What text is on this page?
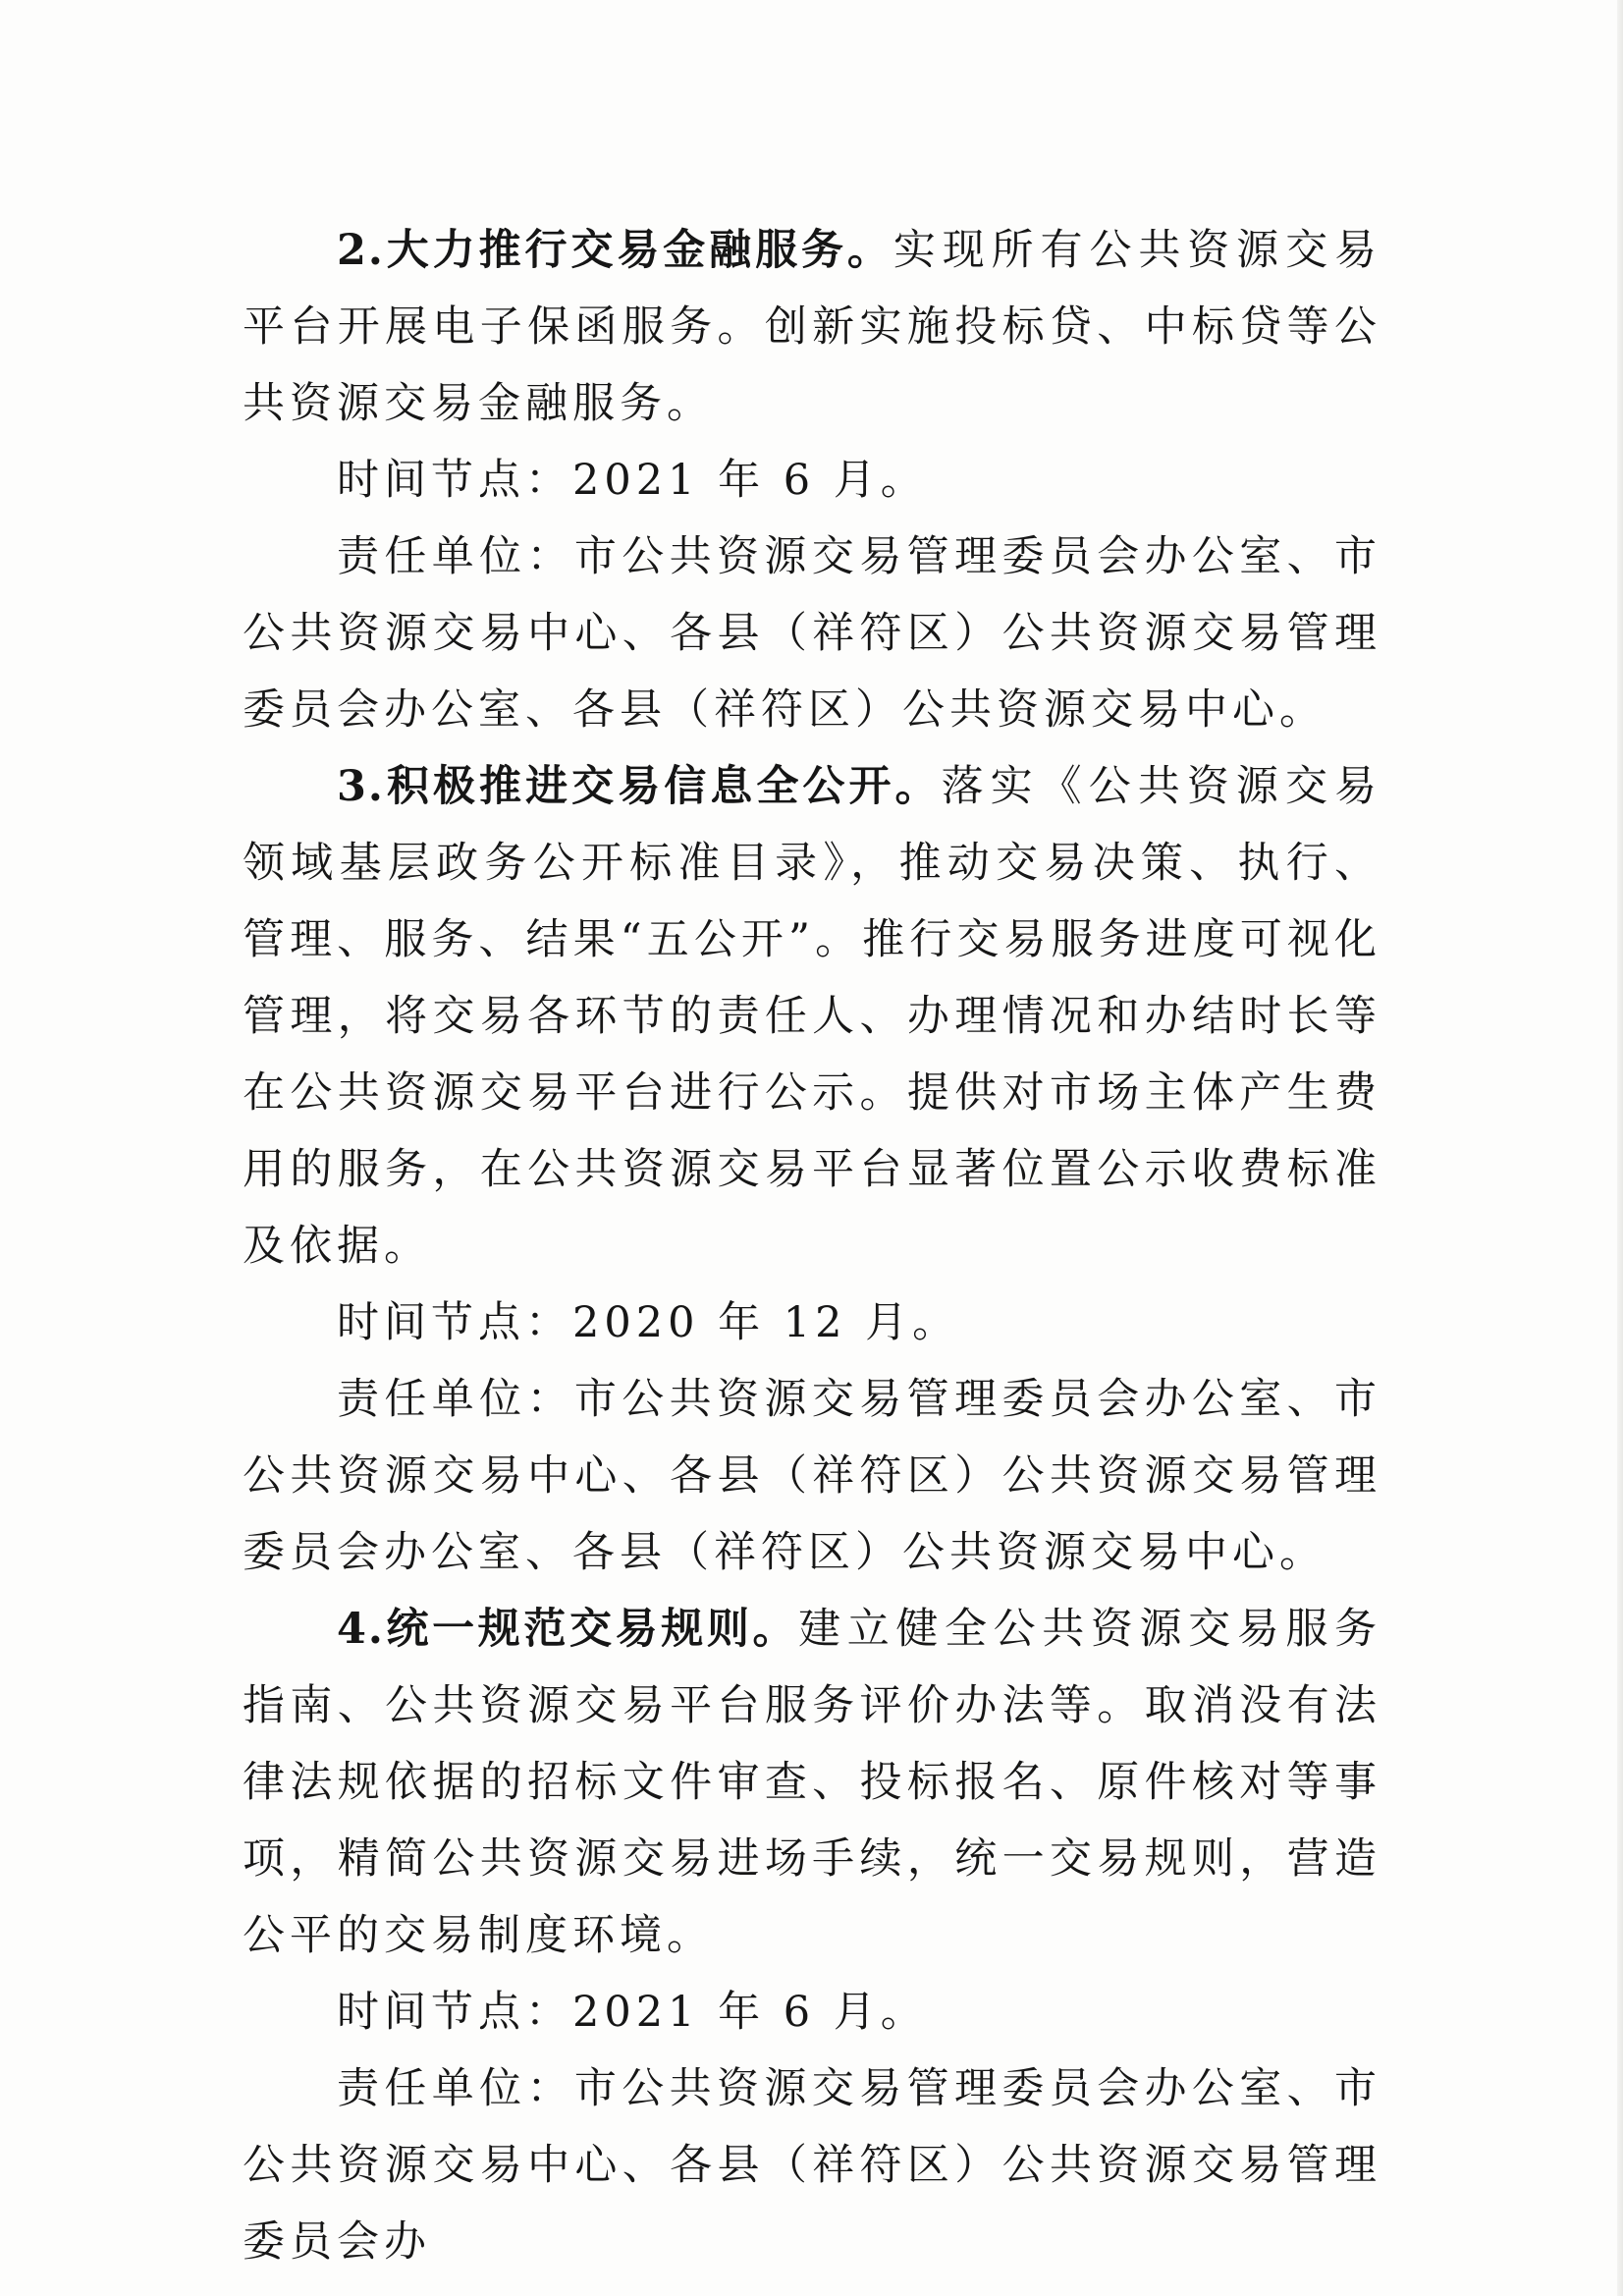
2.大力推行交易金融服务。实现所有公共资源交易平台开展电子保函服务。创新实施投标贷、中标贷等公共资源交易金融服务。

时间节点：2021 年 6 月。

责任单位：市公共资源交易管理委员会办公室、市公共资源交易中心、各县（祥符区）公共资源交易管理委员会办公室、各县（祥符区）公共资源交易中心。

3.积极推进交易信息全公开。落实《公共资源交易领域基层政务公开标准目录》，推动交易决策、执行、管理、服务、结果“五公开”。推行交易服务进度可视化管理，将交易各环节的责任人、办理情况和办结时长等在公共资源交易平台进行公示。提供对市场主体产生费用的服务，在公共资源交易平台显著位置公示收费标准及依据。

时间节点：2020 年 12 月。

责任单位：市公共资源交易管理委员会办公室、市公共资源交易中心、各县（祥符区）公共资源交易管理委员会办公室、各县（祥符区）公共资源交易中心。

4.统一规范交易规则。建立健全公共资源交易服务指南、公共资源交易平台服务评价办法等。取消没有法律法规依据的招标文件审查、投标报名、原件核对等事项，精简公共资源交易进场手续，统一交易规则，营造公平的交易制度环境。

时间节点：2021 年 6 月。

责任单位：市公共资源交易管理委员会办公室、市公共资源交易中心、各县（祥符区）公共资源交易管理委员会办
